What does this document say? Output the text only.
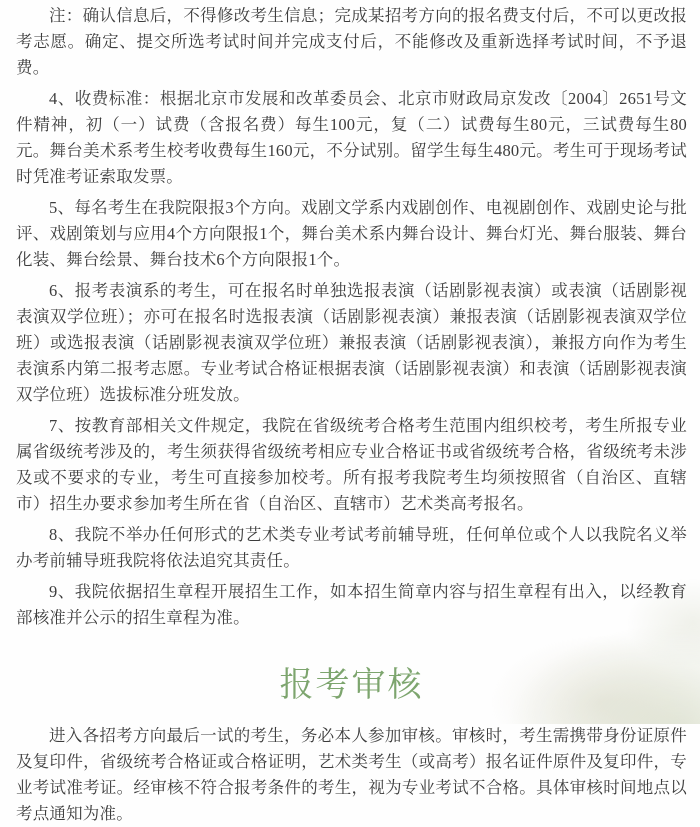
注：确认信息后，不得修改考生信息；完成某招考方向的报名费支付后，不可以更改报考志愿。确定、提交所选考试时间并完成支付后，不能修改及重新选择考试时间，不予退费。

4、收费标准：根据北京市发展和改革委员会、北京市财政局京发改〔2004〕2651号文件精神，初（一）试费（含报名费）每生100元，复（二）试费每生80元，三试费每生80元。舞台美术系考生校考收费每生160元，不分试别。留学生每生480元。考生可于现场考试时凭准考证索取发票。

5、每名考生在我院限报3个方向。戏剧文学系内戏剧创作、电视剧创作、戏剧史论与批评、戏剧策划与应用4个方向限报1个，舞台美术系内舞台设计、舞台灯光、舞台服装、舞台化装、舞台绘景、舞台技术6个方向限报1个。

6、报考表演系的考生，可在报名时单独选报表演（话剧影视表演）或表演（话剧影视表演双学位班）；亦可在报名时选报表演（话剧影视表演）兼报表演（话剧影视表演双学位班）或选报表演（话剧影视表演双学位班）兼报表演（话剧影视表演），兼报方向作为考生表演系内第二报考志愿。专业考试合格证根据表演（话剧影视表演）和表演（话剧影视表演双学位班）选拔标准分班发放。

7、按教育部相关文件规定，我院在省级统考合格考生范围内组织校考，考生所报专业属省级统考涉及的，考生须获得省级统考相应专业合格证书或省级统考合格，省级统考未涉及或不要求的专业，考生可直接参加校考。所有报考我院考生均须按照省（自治区、直辖市）招生办要求参加考生所在省（自治区、直辖市）艺术类高考报名。

8、我院不举办任何形式的艺术类专业考试考前辅导班，任何单位或个人以我院名义举办考前辅导班我院将依法追究其责任。

9、我院依据招生章程开展招生工作，如本招生简章内容与招生章程有出入，以经教育部核准并公示的招生章程为准。

报考审核

进入各招考方向最后一试的考生，务必本人参加审核。审核时，考生需携带身份证原件及复印件，省级统考合格证或合格证明，艺术类考生（或高考）报名证件原件及复印件，专业考试准考证。经审核不符合报考条件的考生，视为专业考试不合格。具体审核时间地点以考点通知为准。
